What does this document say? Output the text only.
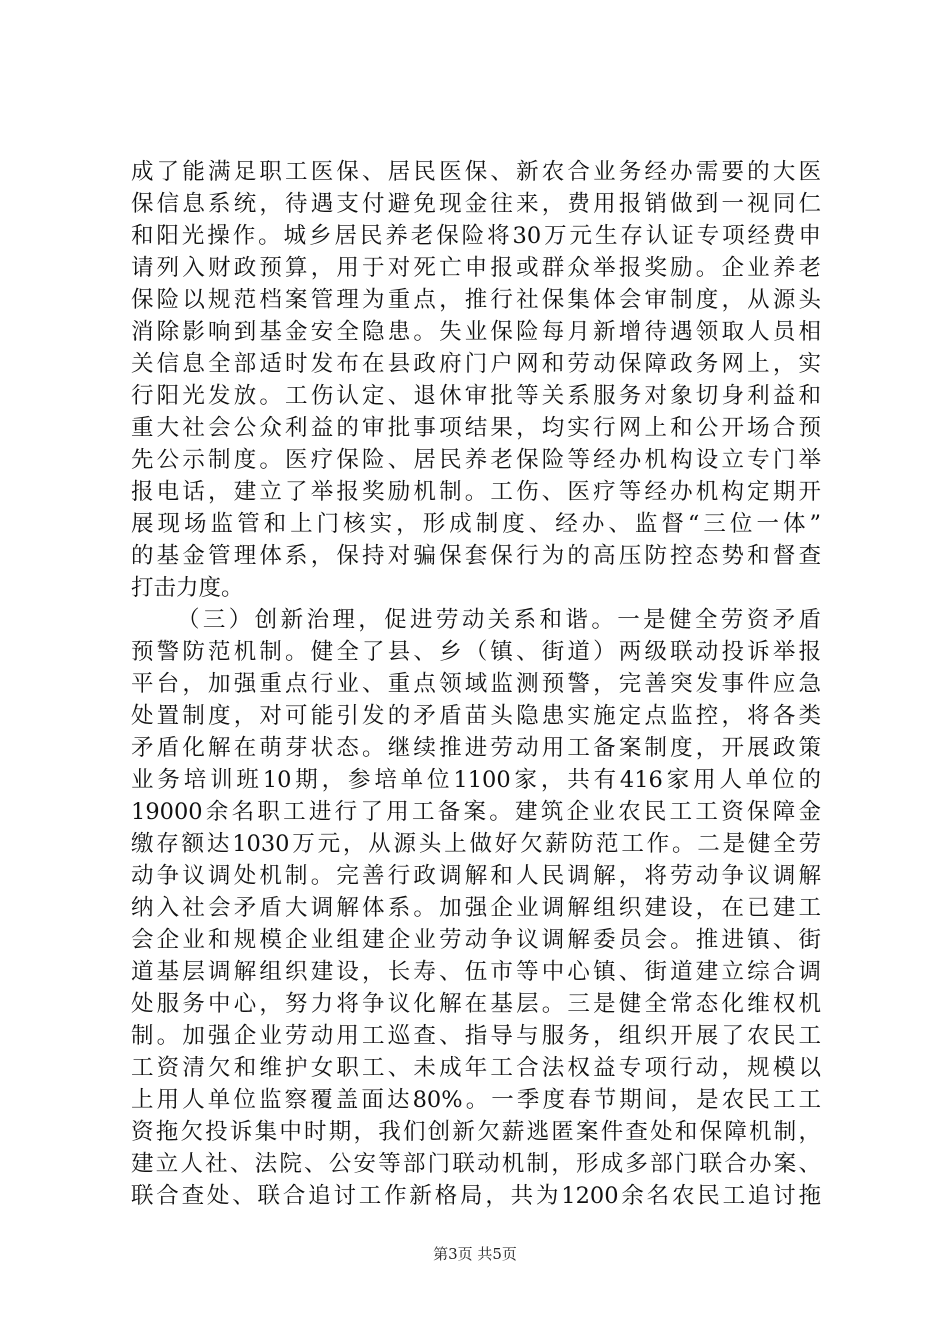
成了能满足职工医保、居民医保、新农合业务经办需要的大医
保信息系统，待遇支付避免现金往来，费用报销做到一视同仁
和阳光操作。城乡居民养老保险将30万元生存认证专项经费申
请列入财政预算，用于对死亡申报或群众举报奖励。企业养老
保险以规范档案管理为重点，推行社保集体会审制度，从源头
消除影响到基金安全隐患。失业保险每月新增待遇领取人员相
关信息全部适时发布在县政府门户网和劳动保障政务网上，实
行阳光发放。工伤认定、退休审批等关系服务对象切身利益和
重大社会公众利益的审批事项结果，均实行网上和公开场合预
先公示制度。医疗保险、居民养老保险等经办机构设立专门举
报电话，建立了举报奖励机制。工伤、医疗等经办机构定期开
展现场监管和上门核实，形成制度、经办、监督“三位一体”
的基金管理体系，保持对骗保套保行为的高压防控态势和督查
打击力度。
（三）创新治理，促进劳动关系和谐。一是健全劳资矛盾
预警防范机制。健全了县、乡（镇、街道）两级联动投诉举报
平台，加强重点行业、重点领域监测预警，完善突发事件应急
处置制度，对可能引发的矛盾苗头隐患实施定点监控，将各类
矛盾化解在萌芽状态。继续推进劳动用工备案制度，开展政策
业务培训班10期，参培单位1100家，共有416家用人单位的
19000余名职工进行了用工备案。建筑企业农民工工资保障金
缴存额达1030万元，从源头上做好欠薪防范工作。二是健全劳
动争议调处机制。完善行政调解和人民调解，将劳动争议调解
纳入社会矛盾大调解体系。加强企业调解组织建设，在已建工
会企业和规模企业组建企业劳动争议调解委员会。推进镇、街
道基层调解组织建设，长寿、伍市等中心镇、街道建立综合调
处服务中心，努力将争议化解在基层。三是健全常态化维权机
制。加强企业劳动用工巡查、指导与服务，组织开展了农民工
工资清欠和维护女职工、未成年工合法权益专项行动，规模以
上用人单位监察覆盖面达80%。一季度春节期间，是农民工工
资拖欠投诉集中时期，我们创新欠薪逃匿案件查处和保障机制，
建立人社、法院、公安等部门联动机制，形成多部门联合办案、
联合查处、联合追讨工作新格局，共为1200余名农民工追讨拖
第3页 共5页
